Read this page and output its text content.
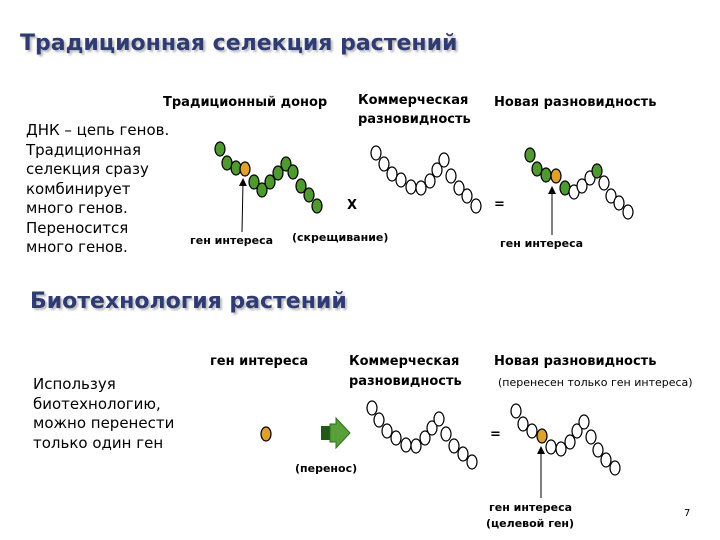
Традиционная селекция растений
ДНК – цепь генов. Традиционная селекция сразу комбинирует много генов. Переносится много генов.
Традиционный донор Коммерческая
разновидность
Новая разновидность
X	=
ген интереса (скрещивание)	ген интереса
Биотехнология растений
Используя биотехнологию, можно перенести только один ген
ген интереса	Коммерческая
разновидность
Новая разновидность
(перенесен только ген интереса)
=
(перенос)
ген интереса
(целевой ген)
7
